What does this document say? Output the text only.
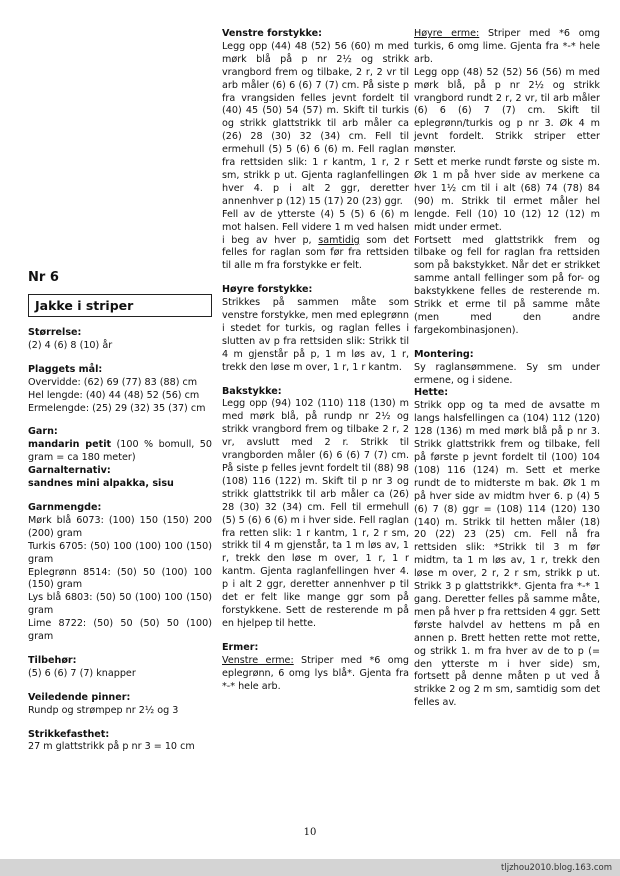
Nr 6
Jakke i striper

Størrelse:

(2) 4 (6) 8 (10) år

Plaggets mål:

Overvidde: (62) 69 (77) 83 (88) cm

Hel lengde: (40) 44 (48) 52 (56) cm

Ermelengde: (25) 29 (32) 35 (37) cm

Garn:

mandarin petit (100 % bomull, 50 gram = ca 180 meter)

Garnalternativ:

sandnes mini alpakka, sisu

Garnmengde:

Mørk blå 6073: (100) 150 (150) 200 (200) gram

Turkis 6705: (50) 100 (100) 100 (150) gram

Eplegrønn 8514: (50) 50 (100) 100 (150) gram

Lys blå 6803: (50) 50 (100) 100 (150) gram

Lime 8722: (50) 50 (50) 50 (100) gram

Tilbehør:

(5) 6 (6) 7 (7) knapper

Veiledende pinner:

Rundp og strømpep nr 2½ og 3

Strikkefasthet:

27 m glattstrikk på p nr 3 = 10 cm

Venstre forstykke:

Legg opp (44) 48 (52) 56 (60) m med mørk blå på p nr 2½ og strikk vrangbord frem og tilbake, 2 r, 2 vr til arb måler (6) 6 (6) 7 (7) cm. På siste p fra vrangsiden felles jevnt fordelt til (40) 45 (50) 54 (57) m. Skift til turkis og strikk glattstrikk til arb måler ca (26) 28 (30) 32 (34) cm. Fell til ermehull (5) 5 (6) 6 (6) m. Fell raglan fra rettsiden slik: 1 r kantm, 1 r, 2 r sm, strikk p ut. Gjenta raglanfellingen hver 4. p i alt 2 ggr, deretter annenhver p (12) 15 (17) 20 (23) ggr.

Fell av de ytterste (4) 5 (5) 6 (6) m mot halsen. Fell videre 1 m ved halsen i beg av hver p, samtidig som det felles for raglan som før fra rettsiden til alle m fra forstykke er felt.

Høyre forstykke:

Strikkes på sammen måte som venstre forstykke, men med eplegrønn i stedet for turkis, og raglan felles i slutten av p fra rettsiden slik: Strikk til 4 m gjenstår på p, 1 m løs av, 1 r, trekk den løse m over, 1 r, 1 r kantm.

Bakstykke:

Legg opp (94) 102 (110) 118 (130) m med mørk blå, på rundp nr 2½ og strikk vrangbord frem og tilbake 2 r, 2 vr, avslutt med 2 r. Strikk til vrangborden måler (6) 6 (6) 7 (7) cm. På siste p felles jevnt fordelt til (88) 98 (108) 116 (122) m. Skift til p nr 3 og strikk glattstrikk til arb måler ca (26) 28 (30) 32 (34) cm. Fell til ermehull (5) 5 (6) 6 (6) m i hver side. Fell raglan fra retten slik: 1 r kantm, 1 r, 2 r sm, strikk til 4 m gjenstår, ta 1 m løs av, 1 r, trekk den løse m over, 1 r, 1 r kantm. Gjenta raglanfellingen hver 4. p i alt 2 ggr, deretter annenhver p til det er felt like mange ggr som på forstykkene. Sett de resterende m på en hjelpep til hette.

Ermer:

Venstre erme: Striper med *6 omg eplegrønn, 6 omg lys blå*. Gjenta fra *-* hele arb.

Høyre erme: Striper med *6 omg turkis, 6 omg lime. Gjenta fra *-* hele arb.

Legg opp (48) 52 (52) 56 (56) m med mørk blå, på p nr 2½ og strikk vrangbord rundt 2 r, 2 vr, til arb måler (6) 6 (6) 7 (7) cm. Skift til eplegrønn/turkis og p nr 3. Øk 4 m jevnt fordelt. Strikk striper etter mønster.

Sett et merke rundt første og siste m. Øk 1 m på hver side av merkene ca hver 1½ cm til i alt (68) 74 (78) 84 (90) m. Strikk til ermet måler hel lengde. Fell (10) 10 (12) 12 (12) m midt under ermet.

Fortsett med glattstrikk frem og tilbake og fell for raglan fra rettsiden som på bakstykket. Når det er strikket samme antall fellinger som på for- og bakstykkene felles de resterende m. Strikk et erme til på samme måte (men med den andre fargekombinasjonen).

Montering:

Sy raglansømmene. Sy sm under ermene, og i sidene.

Hette:

Strikk opp og ta med de avsatte m langs halsfellingen ca (104) 112 (120) 128 (136) m med mørk blå på p nr 3. Strikk glattstrikk frem og tilbake, fell på første p jevnt fordelt til (100) 104 (108) 116 (124) m. Sett et merke rundt de to midterste m bak. Øk 1 m på hver side av midtm hver 6. p (4) 5 (6) 7 (8) ggr = (108) 114 (120) 130 (140) m. Strikk til hetten måler (18) 20 (22) 23 (25) cm. Fell nå fra rettsiden slik: *Strikk til 3 m før midtm, ta 1 m løs av, 1 r, trekk den løse m over, 2 r, 2 r sm, strikk p ut. Strikk 3 p glattstrikk*. Gjenta fra *-* 1 gang. Deretter felles på samme måte, men på hver p fra rettsiden 4 ggr. Sett første halvdel av hettens m på en annen p. Brett hetten rette mot rette, og strikk 1. m fra hver av de to p (= den ytterste m i hver side) sm, fortsett på denne måten p ut ved å strikke 2 og 2 m sm, samtidig som det felles av.

10
tljzhou2010.blog.163.com
